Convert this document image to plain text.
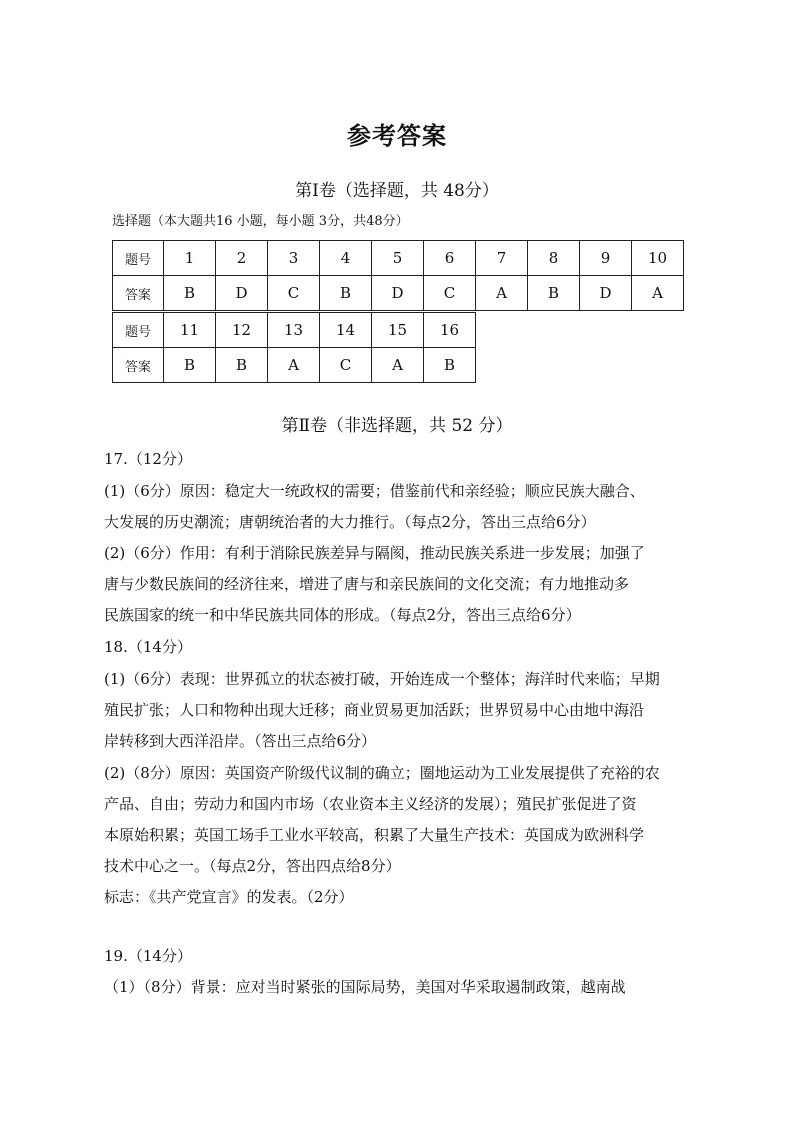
参考答案
第Ⅰ卷（选择题，共 48分）
选择题（本大题共16 小题，每小题 3分，共48分）
题号	1	2	3	4	5	6	7	8	9	10
答案	B	D	C	B	D	C	A	B	D	A
题号	11	12	13	14	15	16
答案	B	B	A	C	A	B
第Ⅱ卷（非选择题，共 52 分）
17.（12分）
(1)（6分）原因：稳定大一统政权的需要；借鉴前代和亲经验；顺应民族大融合、
大发展的历史潮流；唐朝统治者的大力推行。（每点2分，答出三点给6分）
(2)（6分）作用：有利于消除民族差异与隔阂，推动民族关系进一步发展；加强了
唐与少数民族间的经济往来，增进了唐与和亲民族间的文化交流；有力地推动多
民族国家的统一和中华民族共同体的形成。（每点2分，答出三点给6分）
18.（14分）
(1)（6分）表现：世界孤立的状态被打破，开始连成一个整体；海洋时代来临；早期
殖民扩张；人口和物种出现大迁移；商业贸易更加活跃；世界贸易中心由地中海沿
岸转移到大西洋沿岸。（答出三点给6分）
(2)（8分）原因：英国资产阶级代议制的确立；圈地运动为工业发展提供了充裕的农
产品、自由；劳动力和国内市场（农业资本主义经济的发展）；殖民扩张促进了资
本原始积累；英国工场手工业水平较高，积累了大量生产技术：英国成为欧洲科学
技术中心之一。（每点2分，答出四点给8分）
标志：《共产党宣言》的发表。（2分）
19.（14分）
（1）（8分）背景：应对当时紧张的国际局势，美国对华采取遏制政策，越南战
